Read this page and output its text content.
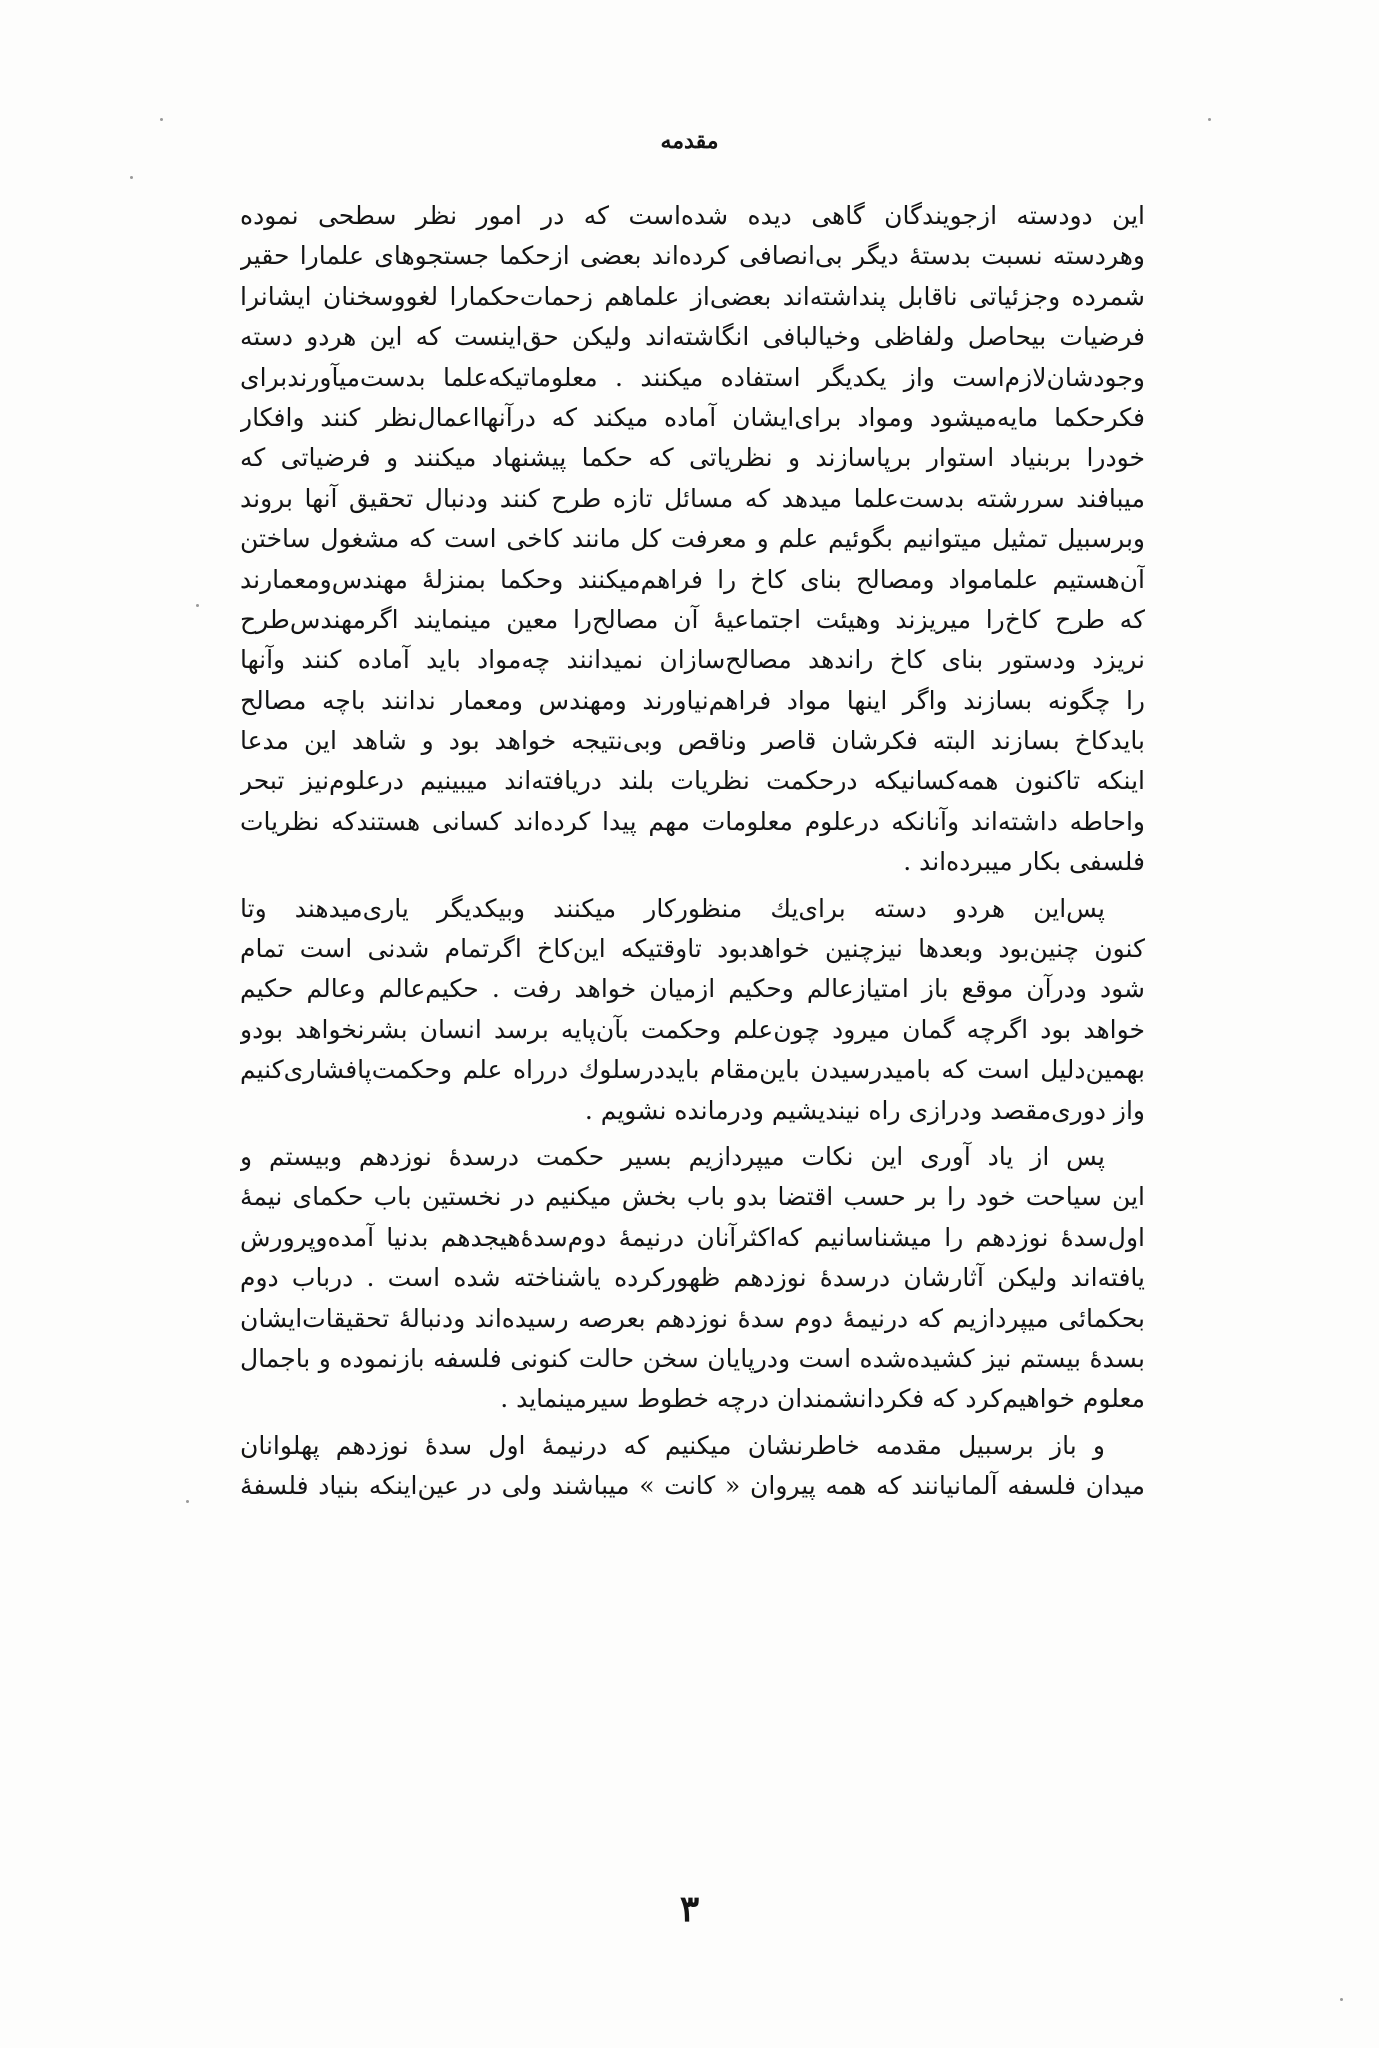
مقدمه
این دودسته ازجویندگان گاهی دیده شده‌است که در امور نظر سطحی نموده
وهردسته نسبت بدستهٔ دیگر بی‌انصافی کرده‌اند بعضی ازحکما جستجوهای علمارا حقیر
شمرده وجزئیاتی ناقابل پنداشته‌اند بعضی‌از علماهم زحمات‌حکمارا لغووسخنان ایشانرا
فرضیات بیحاصل ولفاظی وخیالبافی انگاشته‌اند ولیکن حق‌اینست که این هردو دسته
وجودشان‌لازم‌است واز یکدیگر استفاده میکنند . معلوماتیکه‌علما بدست‌میآورند‌برای
فکرحکما مایه‌میشود ومواد برای‌ایشان آماده میکند که درآنها‌اعمال‌نظر کنند وافکار
خودرا بربنیاد استوار برپاسازند و نظریاتی که حکما پیشنهاد میکنند و فرضیاتی که
میبافند سررشته بدست‌علما میدهد که مسائل تازه طرح کنند ودنبال تحقیق آنها بروند
وبرسبیل تمثیل میتوانیم بگوئیم علم و معرفت کل مانند کاخی است که مشغول ساختن
آن‌هستیم علمامواد ومصالح بنای کاخ را فراهم‌میکنند وحکما بمنزلهٔ مهندس‌ومعمارند
که طرح کاخ‌را میریزند وهیئت اجتماعیهٔ آن مصالح‌را معین مینمایند اگرمهندس‌طرح
نریزد ودستور بنای کاخ راندهد مصالح‌سازان نمیدانند چه‌مواد باید آماده کنند وآنها
را چگونه بسازند واگر اینها مواد فراهم‌نیاورند ومهندس ومعمار ندانند باچه مصالح
بایدکاخ بسازند البته فکرشان قاصر وناقص وبی‌نتیجه خواهد بود و شاهد این مدعا
اینکه تاکنون همه‌کسانیکه درحکمت نظریات بلند دریافته‌اند میبینیم درعلوم‌نیز تبحر
واحاطه داشته‌اند وآنانکه درعلوم معلومات مهم پیدا کرده‌اند کسانی هستند‌که نظریات
فلسفی بکار میبرده‌اند .
پس‌این هردو دسته برای‌یك منظورکار میکنند وبیکدیگر یاری‌میدهند وتا
کنون چنین‌بود وبعدها نیزچنین خواهدبود تاوقتیکه این‌کاخ اگرتمام شدنی است تمام
شود ودرآن موقع باز امتیازعالم وحکیم ازمیان خواهد رفت . حکیم‌عالم وعالم حکیم
خواهد بود اگرچه گمان میرود چون‌علم وحکمت بآن‌پایه برسد انسان بشرنخواهد بودو
بهمین‌دلیل است که بامیدرسیدن باین‌مقام بایددرسلوك درراه علم وحکمت‌پافشاری‌کنیم
واز دوری‌مقصد ودرازی راه نیندیشیم ودرمانده نشویم .
پس از یاد آوری این نکات میپردازیم بسیر حکمت درسدهٔ نوزدهم وبیستم و
این سیاحت خود را بر حسب اقتضا بدو باب بخش میکنیم در نخستین باب حکمای نیمهٔ
اول‌سدهٔ نوزدهم را میشناسانیم که‌اکثرآنان درنیمهٔ دوم‌سدهٔ‌هیجدهم بدنیا آمده‌وپرورش
یافته‌اند ولیکن آثارشان درسدهٔ نوزدهم ظهورکرده یاشناخته شده است . درباب دوم
بحکمائی میپردازیم که درنیمهٔ دوم سدهٔ نوزدهم بعرصه رسیده‌اند ودنبالهٔ تحقیقات‌ایشان
بسدهٔ بیستم نیز کشیده‌شده است ودرپایان سخن حالت کنونی فلسفه بازنموده و باجمال
معلوم خواهیم‌کرد که فکردانشمندان درچه خطوط سیرمینماید .
و باز برسبیل مقدمه خاطرنشان میکنیم که درنیمهٔ اول سدهٔ نوزدهم پهلوانان
میدان فلسفه آلمانیانند که همه پیروان « کانت » میباشند ولی در عین‌اینکه بنیاد فلسفهٔ
۳
